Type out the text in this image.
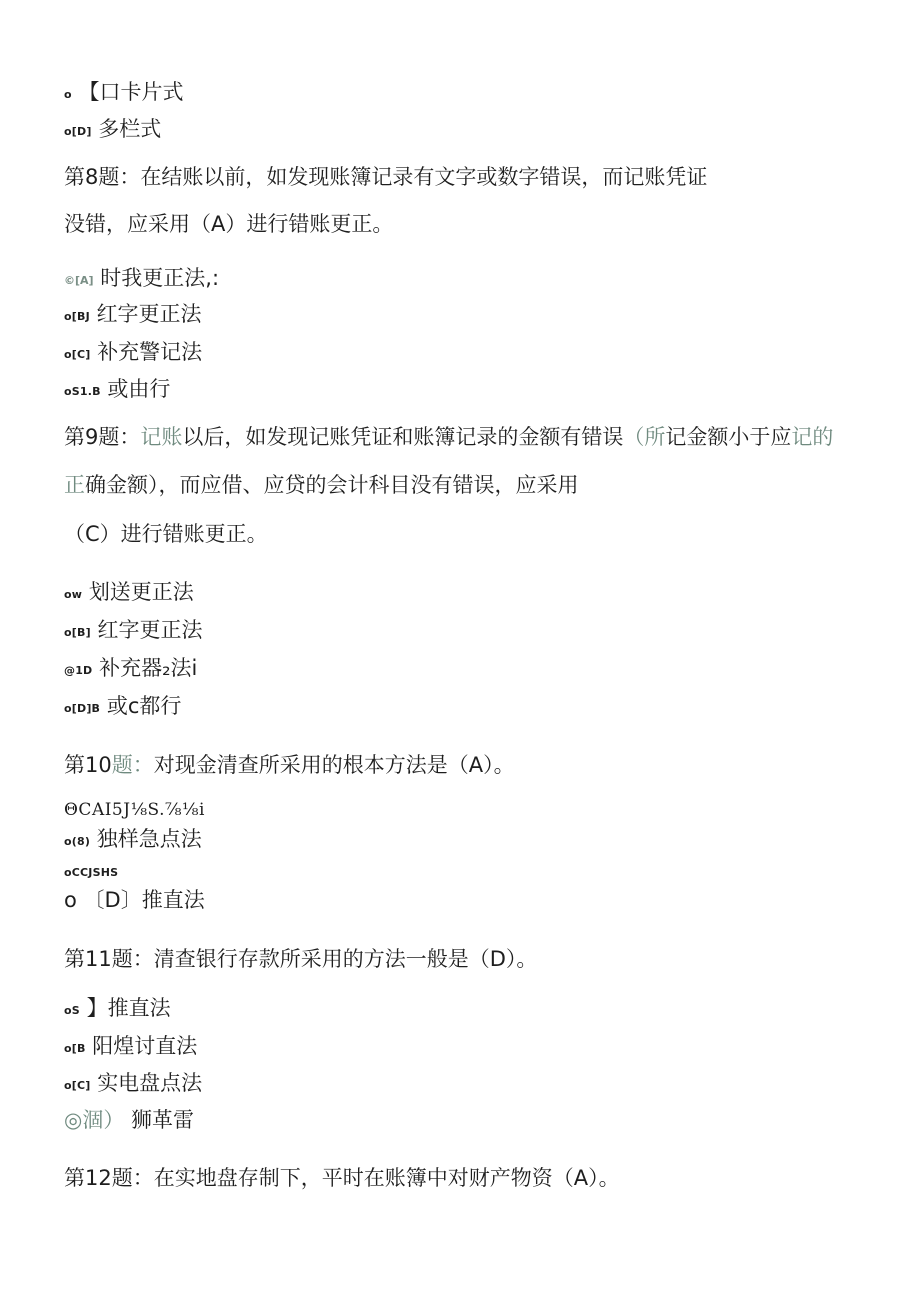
o 【口卡片式
o[D] 多栏式
第8题：在结账以前，如发现账簿记录有文字或数字错误，而记账凭证
没错，应采用（A）进行错账更正。
©[A] 时我更正法,:
o[BJ 红字更正法
o[C] 补充警记法
oS1.B 或由行
第9题：记账以后，如发现记账凭证和账簿记录的金额有错误（所记金额小于应记的
正确金额），而应借、应贷的会计科目没有错误，应采用
（C）进行错账更正。
ow 划送更正法
o[B] 红字更正法
@1D 补充器₂法i
o[D]B 或c都行
第10题：对现金清查所采用的根本方法是（A）。
ΘCAI5J⅛S.⅞⅛i
o(8) 独样急点法
oCCJSHS
o 〔D〕推直法
第11题：清查银行存款所采用的方法一般是（D）。
oS 】推直法
o[B 阳煌讨直法
o[C] 实电盘点法
◎涸） 狮革雷
第12题：在实地盘存制下，平时在账簿中对财产物资（A）。
